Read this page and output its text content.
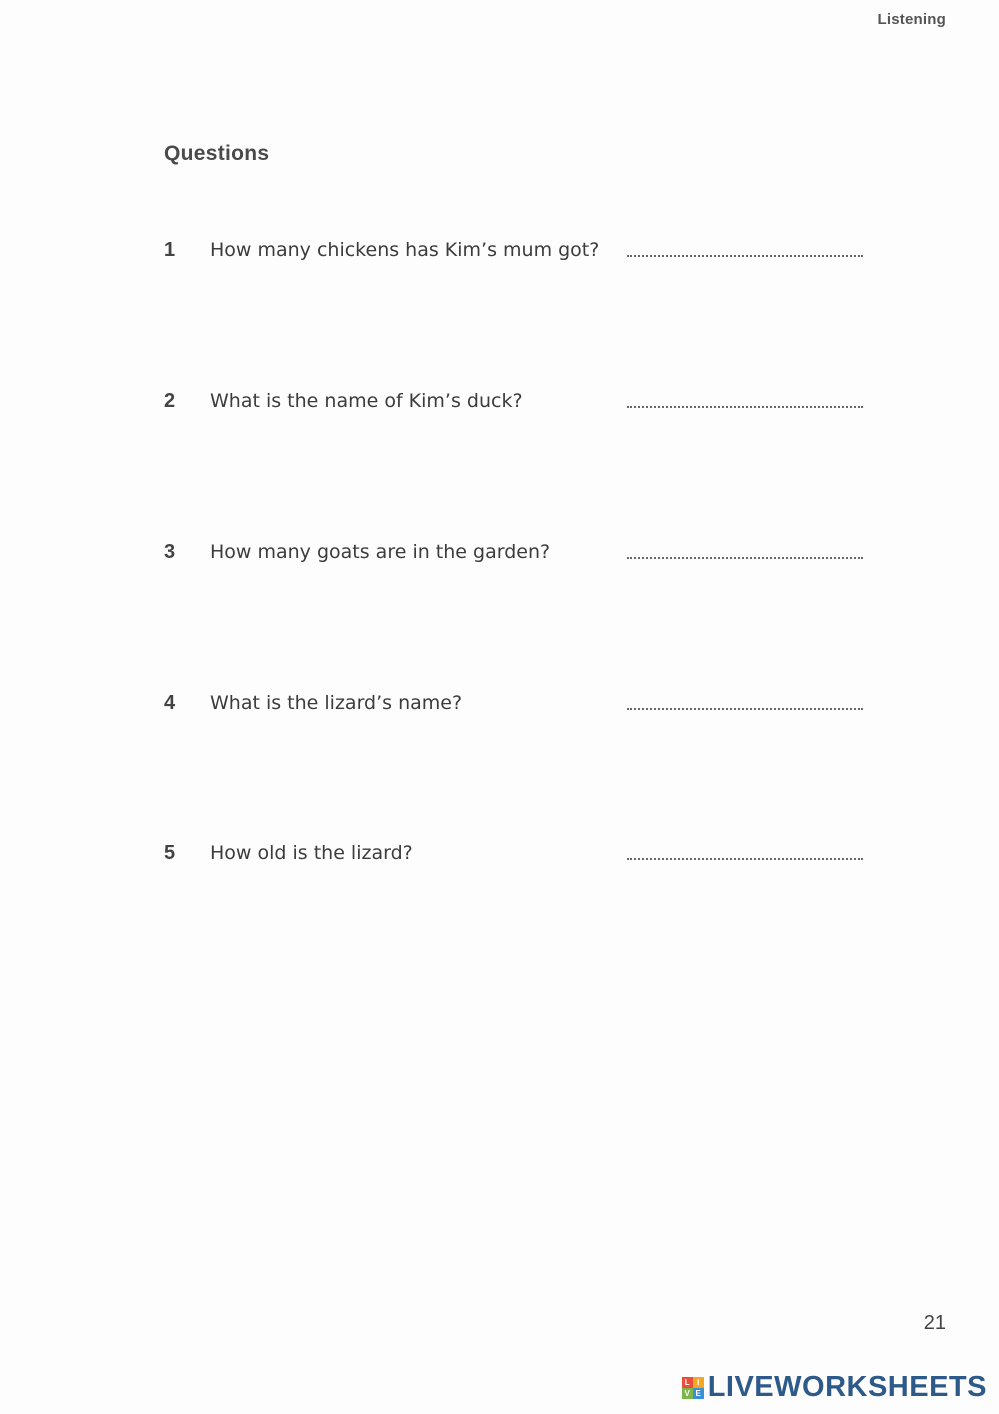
Listening
Questions
1 How many chickens has Kim’s mum got?
2 What is the name of Kim’s duck?
3 How many goats are in the garden?
4 What is the lizard’s name?
5 How old is the lizard?
21
L I
V E LIVEWORKSHEETS
